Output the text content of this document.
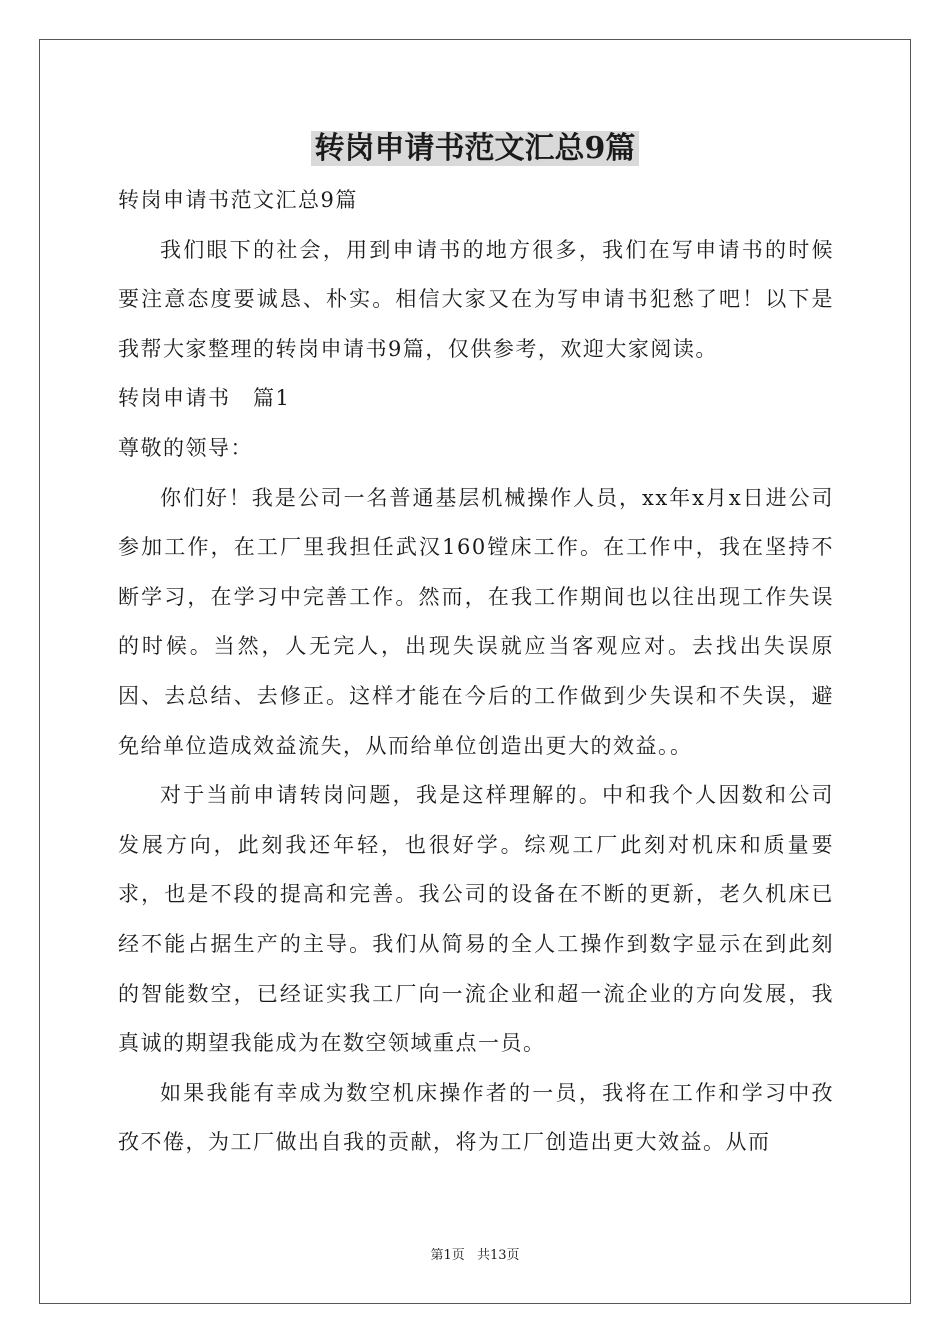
转岗申请书范文汇总9篇

转岗申请书范文汇总9篇

我们眼下的社会，用到申请书的地方很多，我们在写申请书的时候要注意态度要诚恳、朴实。相信大家又在为写申请书犯愁了吧！以下是我帮大家整理的转岗申请书9篇，仅供参考，欢迎大家阅读。

转岗申请书　篇1

尊敬的领导：

你们好！我是公司一名普通基层机械操作人员，xx年x月x日进公司参加工作，在工厂里我担任武汉160镗床工作。在工作中，我在坚持不断学习，在学习中完善工作。然而，在我工作期间也以往出现工作失误的时候。当然，人无完人，出现失误就应当客观应对。去找出失误原因、去总结、去修正。这样才能在今后的工作做到少失误和不失误，避免给单位造成效益流失，从而给单位创造出更大的效益。。

对于当前申请转岗问题，我是这样理解的。中和我个人因数和公司发展方向，此刻我还年轻，也很好学。综观工厂此刻对机床和质量要求，也是不段的提高和完善。我公司的设备在不断的更新，老久机床已经不能占据生产的主导。我们从简易的全人工操作到数字显示在到此刻的智能数空，已经证实我工厂向一流企业和超一流企业的方向发展，我真诚的期望我能成为在数空领域重点一员。

如果我能有幸成为数空机床操作者的一员，我将在工作和学习中孜孜不倦，为工厂做出自我的贡献，将为工厂创造出更大效益。从而

第1页 共13页
